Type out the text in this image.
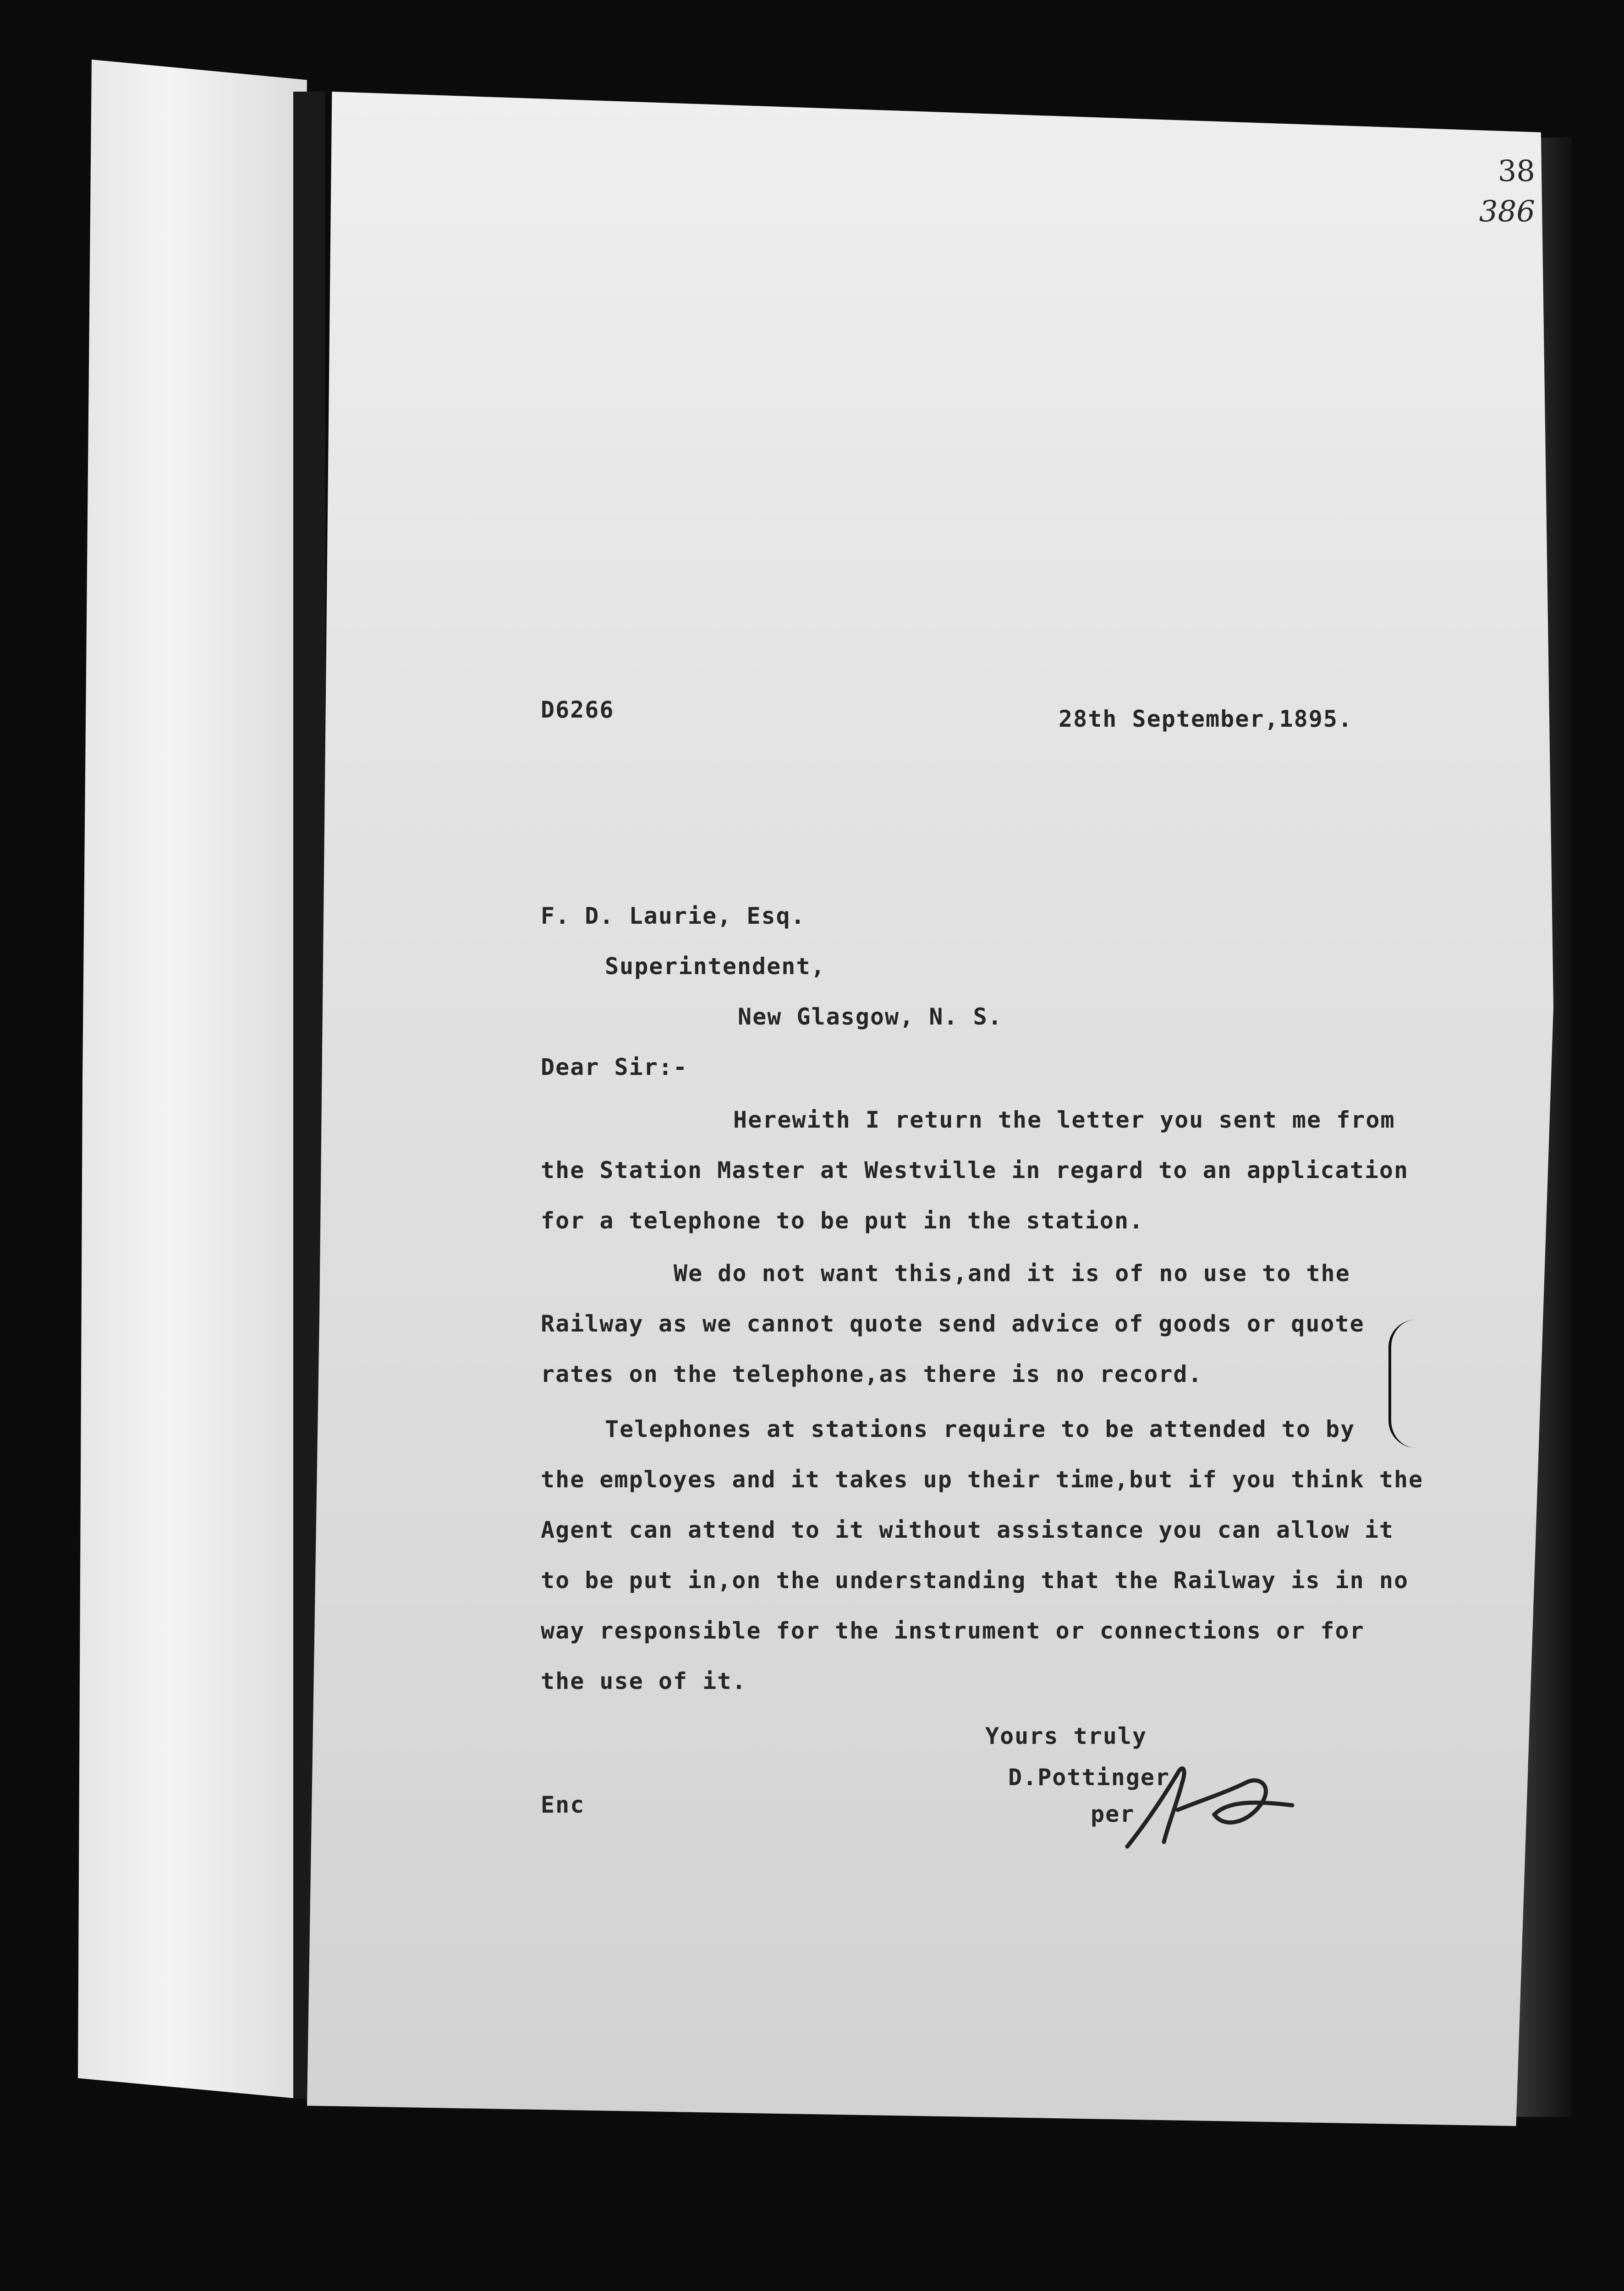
38
386
D6266	28th September,1895.
F. D. Laurie, Esq.
Superintendent,
New Glasgow, N. S.
Dear Sir:-
Herewith I return the letter you sent me from
the Station Master at Westville in regard to an application
for a telephone to be put in the station.
We do not want this,and it is of no use to the
Railway as we cannot quote send advice of goods or quote
rates on the telephone,as there is no record.
Telephones at stations require to be attended to by
the employes and it takes up their time,but if you think the
Agent can attend to it without assistance you can allow it
to be put in,on the understanding that the Railway is in no
way responsible for the instrument or connections or for
the use of it.
Yours truly
D.Pottinger
per
Enc
